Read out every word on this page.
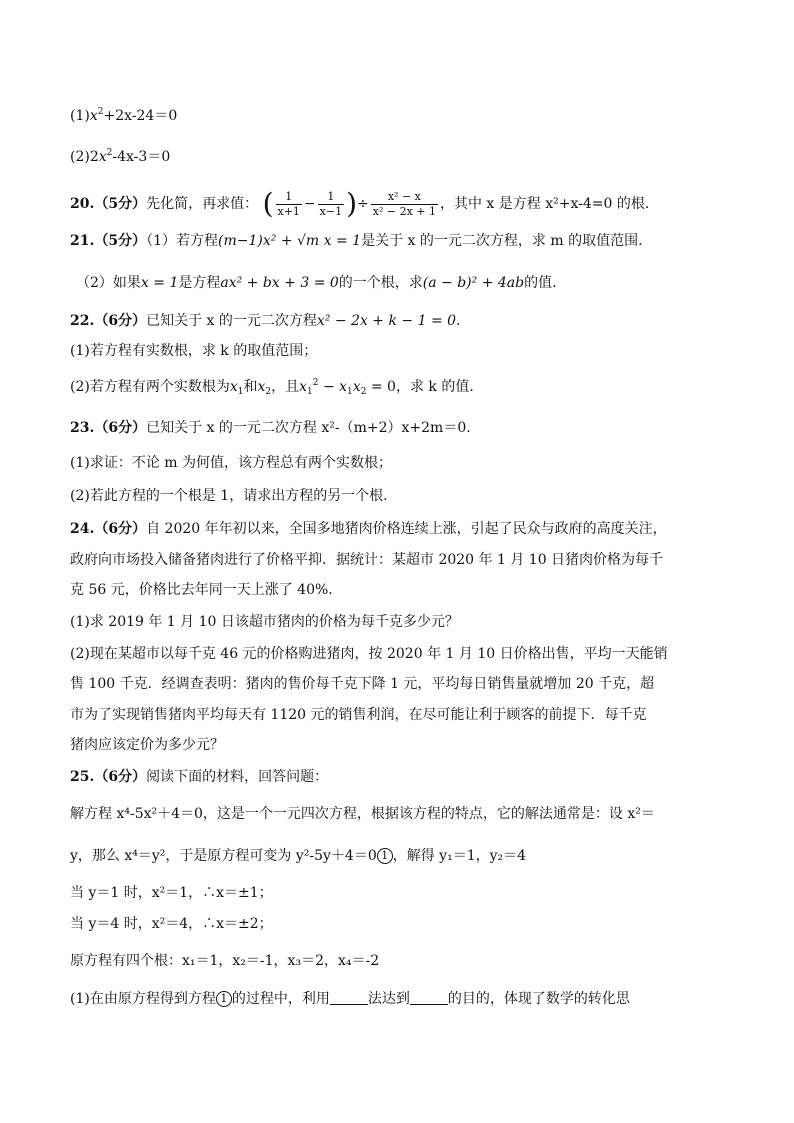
$(1)x^2+2x-24=0$
$(2)2x^2-4x-3=0$
20.（5分）先化简，再求值： ( $\frac{1}{x+1} - \frac{1}{x-1}$ )÷ $\frac{\text{x² − x}}{\text{x² − 2x + 1}}$ ，其中 x 是方程 x²+x-4=0 的根.
21.（5分）（1）若方程(m−1)x² + √m x = 1是关于 x 的一元二次方程，求 m 的取值范围.
（2）如果x = 1是方程ax² + bx + 3 = 0的一个根，求(a − b)² + 4ab的值.
22.（6分）已知关于 x 的一元二次方程x² − 2x + k − 1 = 0.
(1)若方程有实数根，求 k 的取值范围；
(2)若方程有两个实数根为$x_1$和$x_2$，且$x_1^2 - x_1x_2 = 0$，求 k 的值.
23.（6分）已知关于 x 的一元二次方程 x²-（m+2）x+2m＝0.
(1)求证：不论 m 为何值，该方程总有两个实数根；
(2)若此方程的一个根是 1，请求出方程的另一个根.
24.（6分）自 2020 年年初以来，全国多地猪肉价格连续上涨，引起了民众与政府的高度关注，
政府向市场投入储备猪肉进行了价格平抑．据统计：某超市 2020 年 1 月 10 日猪肉价格为每千
克 56 元，价格比去年同一天上涨了 40%.
(1)求 2019 年 1 月 10 日该超市猪肉的价格为每千克多少元？
(2)现在某超市以每千克 46 元的价格购进猪肉，按 2020 年 1 月 10 日价格出售，平均一天能销
售 100 千克．经调查表明：猪肉的售价每千克下降 1 元，平均每日销售量就增加 20 千克，超
市为了实现销售猪肉平均每天有 1120 元的销售利润，在尽可能让利于顾客的前提下．每千克
猪肉应该定价为多少元？
25.（6分）阅读下面的材料，回答问题：
解方程 x⁴-5x²＋4＝0，这是一个一元四次方程，根据该方程的特点，它的解法通常是：设 x²＝
y，那么 x⁴＝y²，于是原方程可变为 y²-5y＋4＝0 1 ，解得 y₁＝1，y₂＝4
当 y＝1 时，x²＝1，∴x＝±1；
当 y＝4 时，x²＝4，∴x＝±2；
原方程有四个根：x₁＝1，x₂＝-1，x₃＝2，x₄＝-2
(1)在由原方程得到方程 1 的过程中，利用	法达到	的目的，体现了数学的转化思
